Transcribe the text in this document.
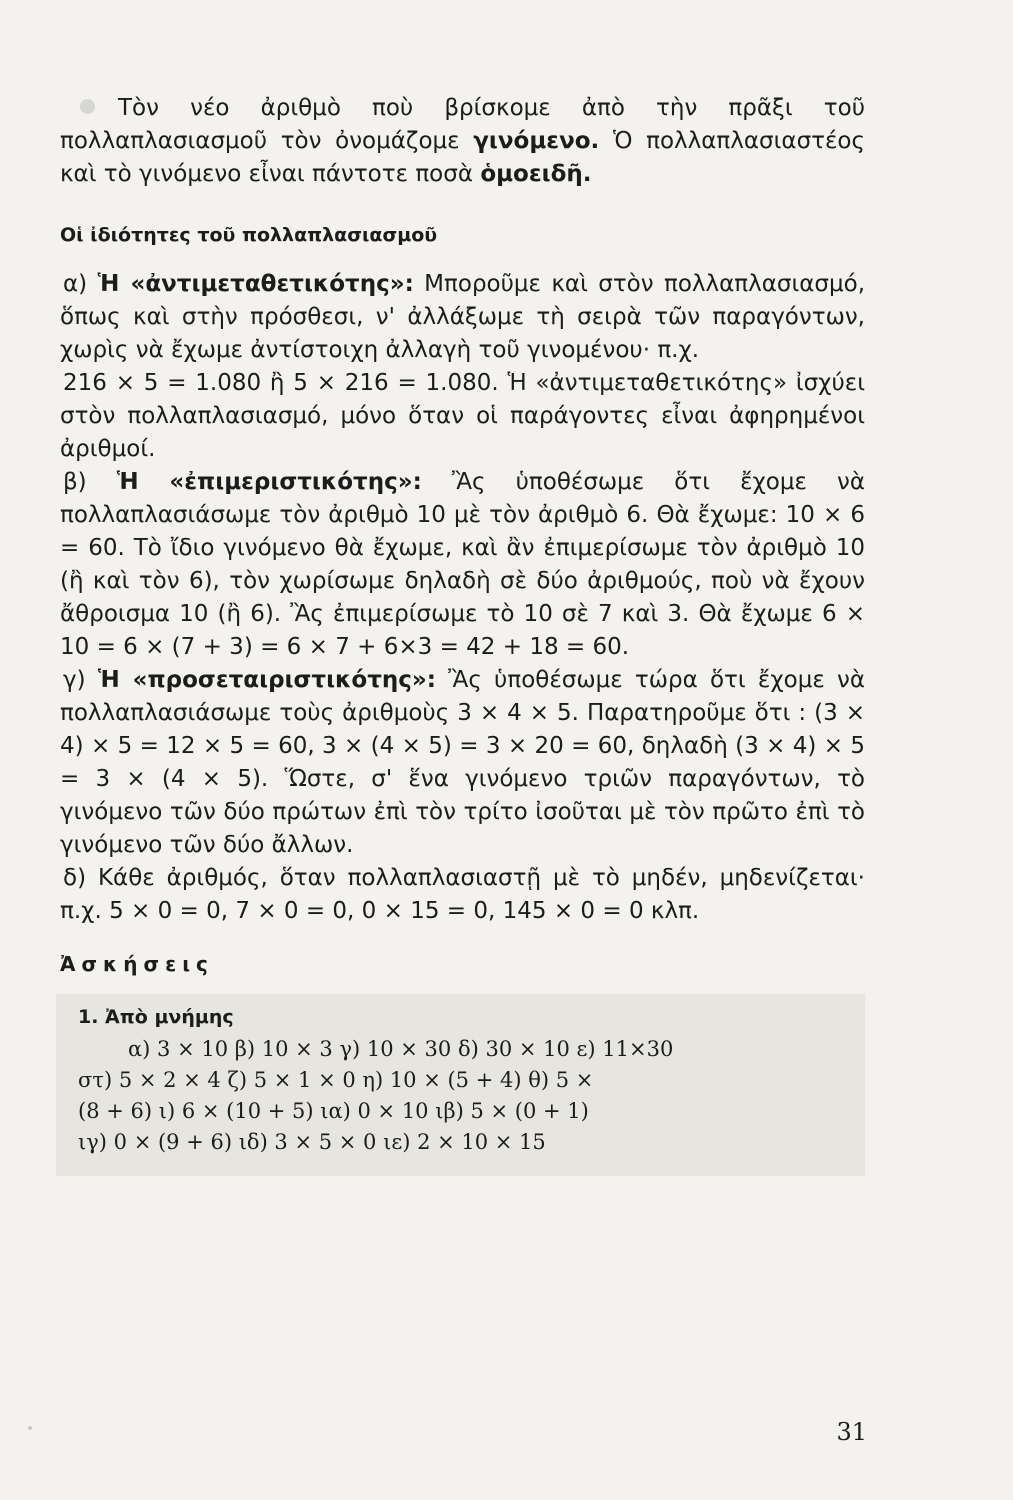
Τὸν νέο ἀριθμὸ ποὺ βρίσκομε ἀπὸ τὴν πρᾶξι τοῦ πολλαπλασιασμοῦ τὸν ὀνομάζομε γινόμενο. Ὁ πολλαπλασιαστέος καὶ τὸ γινόμενο εἶναι πάντοτε ποσὰ ὁμοειδῆ.

Οἱ ἰδιότητες τοῦ πολλαπλασιασμοῦ

α) Ἡ «ἀντιμεταθετικότης»: Μποροῦμε καὶ στὸν πολλαπλασιασμό, ὅπως καὶ στὴν πρόσθεσι, ν' ἀλλάξωμε τὴ σειρὰ τῶν παραγόντων, χωρὶς νὰ ἔχωμε ἀντίστοιχη ἀλλαγὴ τοῦ γινομένου· π.χ.

216 × 5 = 1.080 ἢ 5 × 216 = 1.080. Ἡ «ἀντιμεταθετικότης» ἰσχύει στὸν πολλαπλασιασμό, μόνο ὅταν οἱ παράγοντες εἶναι ἀφηρημένοι ἀριθμοί.

β) Ἡ «ἐπιμεριστικότης»: Ἂς ὑποθέσωμε ὅτι ἔχομε νὰ πολλαπλασιάσωμε τὸν ἀριθμὸ 10 μὲ τὸν ἀριθμὸ 6. Θὰ ἔχωμε: 10 × 6 = 60. Τὸ ἴδιο γινόμενο θὰ ἔχωμε, καὶ ἂν ἐπιμερίσωμε τὸν ἀριθμὸ 10 (ἢ καὶ τὸν 6), τὸν χωρίσωμε δηλαδὴ σὲ δύο ἀριθμούς, ποὺ νὰ ἔχουν ἄθροισμα 10 (ἢ 6). Ἂς ἐπιμερίσωμε τὸ 10 σὲ 7 καὶ 3. Θὰ ἔχωμε 6 × 10 = 6 × (7 + 3) = 6 × 7 + 6×3 = 42 + 18 = 60.

γ) Ἡ «προσεταιριστικότης»: Ἂς ὑποθέσωμε τώρα ὅτι ἔχομε νὰ πολλαπλασιάσωμε τοὺς ἀριθμοὺς 3 × 4 × 5. Παρατηροῦμε ὅτι : (3 × 4) × 5 = 12 × 5 = 60, 3 × (4 × 5) = 3 × 20 = 60, δηλαδὴ (3 × 4) × 5 = 3 × (4 × 5). Ὥστε, σ' ἕνα γινόμενο τριῶν παραγόντων, τὸ γινόμενο τῶν δύο πρώτων ἐπὶ τὸν τρίτο ἰσοῦται μὲ τὸν πρῶτο ἐπὶ τὸ γινόμενο τῶν δύο ἄλλων.

δ) Κάθε ἀριθμός, ὅταν πολλαπλασιαστῇ μὲ τὸ μηδέν, μηδενίζεται· π.χ. 5 × 0 = 0, 7 × 0 = 0, 0 × 15 = 0, 145 × 0 = 0 κλπ.

Ἀσκήσεις
1. Ἀπὸ μνήμης
α) 3 × 10 β) 10 × 3 γ) 10 × 30 δ) 30 × 10 ε) 11×30
στ) 5 × 2 × 4 ζ) 5 × 1 × 0 η) 10 × (5 + 4) θ) 5 ×
(8 + 6) ι) 6 × (10 + 5) ια) 0 × 10 ιβ) 5 × (0 + 1)
ιγ) 0 × (9 + 6) ιδ) 3 × 5 × 0 ιε) 2 × 10 × 15
31
